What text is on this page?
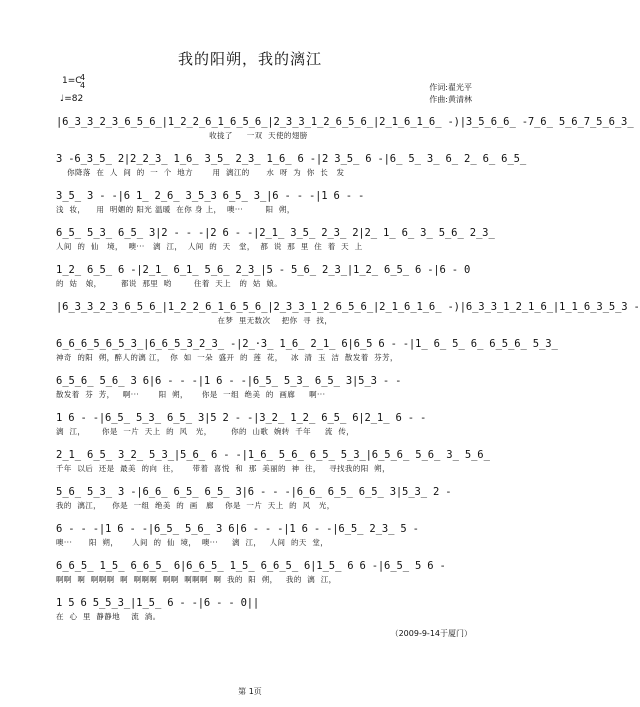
我的阳朔，我的漓江
作词:翟光平
作曲:黄清林
1=C
4
4
♩=82
|6̲3̲3̲2̲3̲6̲5̲6̲|1̲2̲2̲6̲1̲6̲5̲6̲|2̲3̲3̲1̲2̲6̲5̲6̲|2̲1̲6̲1̲6̲ -)|3̲5̲6̲6̲ -7̲6̲ 5̲6̲7̲5̲6̲3̲
收拢了     一双  天使的翅膀
3 -6̲3̲5̲ 2|2̲2̲3̲ 1̲6̲ 3̲5̲ 2̲3̲ 1̲6̲ 6 -|2 3̲5̲ 6 -|6̲ 5̲ 3̲ 6̲ 2̲ 6̲ 6̲5̲
你降落  在  人  间  的  一  个  地方       用  漓江的      水  呀  为  你  长   发
3̲5̲ 3 - -|6 1̲ 2̲6̲ 3̲5̲3 6̲5̲ 3̲|6 - - -|1 6 - -
浅  妆，    用  明媚的 阳光 温暖  在你 身 上，  噢···        阳  朔，
6̲5̲ 5̲3̲ 6̲5̲ 3|2 - - -|2 6 - -|2̲1̲ 3̲5̲ 2̲3̲ 2|2̲ 1̲ 6̲ 3̲ 5̲6̲ 2̲3̲
人间  的  仙   境，  噢···   漓  江，  人间  的  天   堂，  都  说  那  里  住  着  天  上
1̲2̲ 6̲5̲ 6 -|2̲1̲ 6̲1̲ 5̲6̲ 2̲3̲|5 - 5̲6̲ 2̲3̲|1̲2̲ 6̲5̲ 6 -|6 - 0
的  姑   娘，       都说  那里  哟        住着  天上   的  姑  娘。
|6̲3̲3̲2̲3̲6̲5̲6̲|1̲2̲2̲6̲1̲6̲5̲6̲|2̲3̲3̲1̲2̲6̲5̲6̲|2̲1̲6̲1̲6̲ -)|6̲3̲3̲1̲2̲1̲6̲|1̲1̲6̲3̲5̲3 -
在梦  里无数次    把你  寻  找，
6̲6̲6̲5̲6̲5̲3̲|6̲6̲5̲3̲2̲3̲ -|2̲·3̲ 1̲6̲ 2̲1̲ 6|6̲5 6 - -|1̲ 6̲ 5̲ 6̲ 6̲5̲6̲ 5̲3̲
神奇  的阳  朔，醉人的漓 江，  你  如  一朵  盛开  的  莲  花，   冰  清  玉  洁  散发着  芬芳，
6̲5̲6̲ 5̲6̲ 3 6|6 - - -|1 6 - -|6̲5̲ 5̲3̲ 6̲5̲ 3|5̲3 - -
散发着  芬  芳，   啊···       阳  朔，     你是  一组  绝美  的  画廊     啊···
1 6 - -|6̲5̲ 5̲3̲ 6̲5̲ 3|5 2 - -|3̲2̲ 1̲2̲ 6̲5̲ 6|2̲1̲ 6 - -
漓  江，      你是  一片  天上  的  风   光，       你的  山歌  婉转  千年     流  传，
2̲1̲ 6̲5̲ 3̲2̲ 5̲3̲|5̲6̲ 6 - -|1̲6̲ 5̲6̲ 6̲5̲ 5̲3̲|6̲5̲6̲ 5̲6̲ 3̲ 5̲6̲
千年  以后  还是  最美  的向  往，     带着  喜悦  和  那  美丽的  神  往，   寻找我的阳  朔，
5̲6̲ 5̲3̲ 3 -|6̲6̲ 6̲5̲ 6̲5̲ 3|6 - - -|6̲6̲ 6̲5̲ 6̲5̲ 3|5̲3̲ 2 -
我的  漓江，    你是  一组  绝美  的  画   廊    你是  一片  天上  的  风   光，
6 - - -|1 6 - -|6̲5̲ 5̲6̲ 3 6|6 - - -|1 6 - -|6̲5̲ 2̲3̲ 5 -
噢···      阳  朔，     人间  的  仙  境，  噢···     漓  江，   人间  的天  堂，
6̲6̲5̲ 1̲5̲ 6̲6̲5̲ 6|6̲6̲5̲ 1̲5̲ 6̲6̲5̲ 6|1̲5̲ 6 6 -|6̲5̲ 5 6 -
啊啊  啊  啊啊啊  啊  啊啊啊  啊啊  啊啊啊  啊  我的  阳  朔，   我的  漓  江，
1 5 6 5̲5̲3̲|1̲5̲ 6 - -|6 - - 0||
在  心  里  静静地    流  淌。
（2009-9-14于厦门）
第 1页
